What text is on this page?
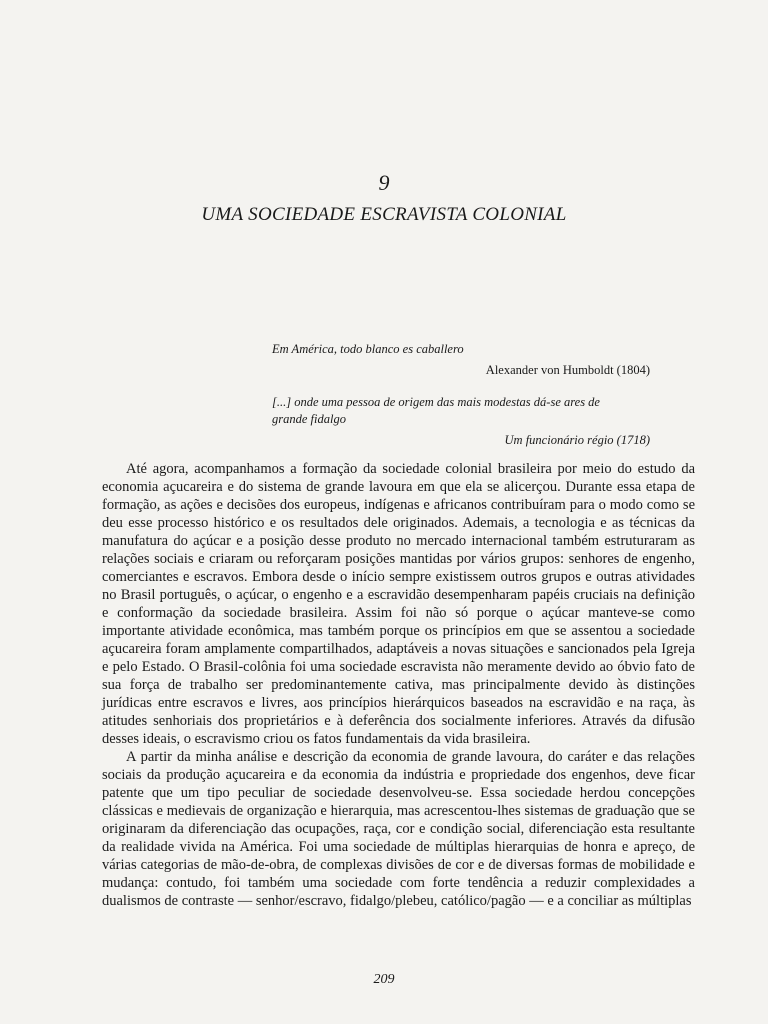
9
UMA SOCIEDADE ESCRAVISTA COLONIAL
Em América, todo blanco es caballero
Alexander von Humboldt (1804)
[...] onde uma pessoa de origem das mais modestas dá-se ares de
grande fidalgo
Um funcionário régio (1718)

Até agora, acompanhamos a formação da sociedade colonial brasileira por meio do estudo da economia açucareira e do sistema de grande lavoura em que ela se alicerçou. Durante essa etapa de formação, as ações e decisões dos europeus, indígenas e africanos contribuíram para o modo como se deu esse processo histórico e os resultados dele originados. Ademais, a tecnologia e as técnicas da manufatura do açúcar e a posição desse produto no mercado internacional também estruturaram as relações sociais e criaram ou reforçaram posições mantidas por vários grupos: senhores de engenho, comerciantes e escravos. Embora desde o início sempre existissem outros grupos e outras atividades no Brasil português, o açúcar, o engenho e a escravidão desempenharam papéis cruciais na definição e conformação da sociedade brasileira. Assim foi não só porque o açúcar manteve-se como importante atividade econômica, mas também porque os princípios em que se assentou a sociedade açucareira foram amplamente compartilhados, adaptáveis a novas situações e sancionados pela Igreja e pelo Estado. O Brasil-colônia foi uma sociedade escravista não meramente devido ao óbvio fato de sua força de trabalho ser predominantemente cativa, mas principalmente devido às distinções jurídicas entre escravos e livres, aos princípios hierárquicos baseados na escravidão e na raça, às atitudes senhoriais dos proprietários e à deferência dos socialmente inferiores. Através da difusão desses ideais, o escravismo criou os fatos fundamentais da vida brasileira.

A partir da minha análise e descrição da economia de grande lavoura, do caráter e das relações sociais da produção açucareira e da economia da indústria e propriedade dos engenhos, deve ficar patente que um tipo peculiar de sociedade desenvolveu-se. Essa sociedade herdou concepções clássicas e medievais de organização e hierarquia, mas acrescentou-lhes sistemas de graduação que se originaram da diferenciação das ocupações, raça, cor e condição social, diferenciação esta resultante da realidade vivida na América. Foi uma sociedade de múltiplas hierarquias de honra e apreço, de várias categorias de mão-de-obra, de complexas divisões de cor e de diversas formas de mobilidade e mudança: contudo, foi também uma sociedade com forte tendência a reduzir complexidades a dualismos de contraste — senhor/escravo, fidalgo/plebeu, católico/pagão — e a conciliar as múltiplas

209
